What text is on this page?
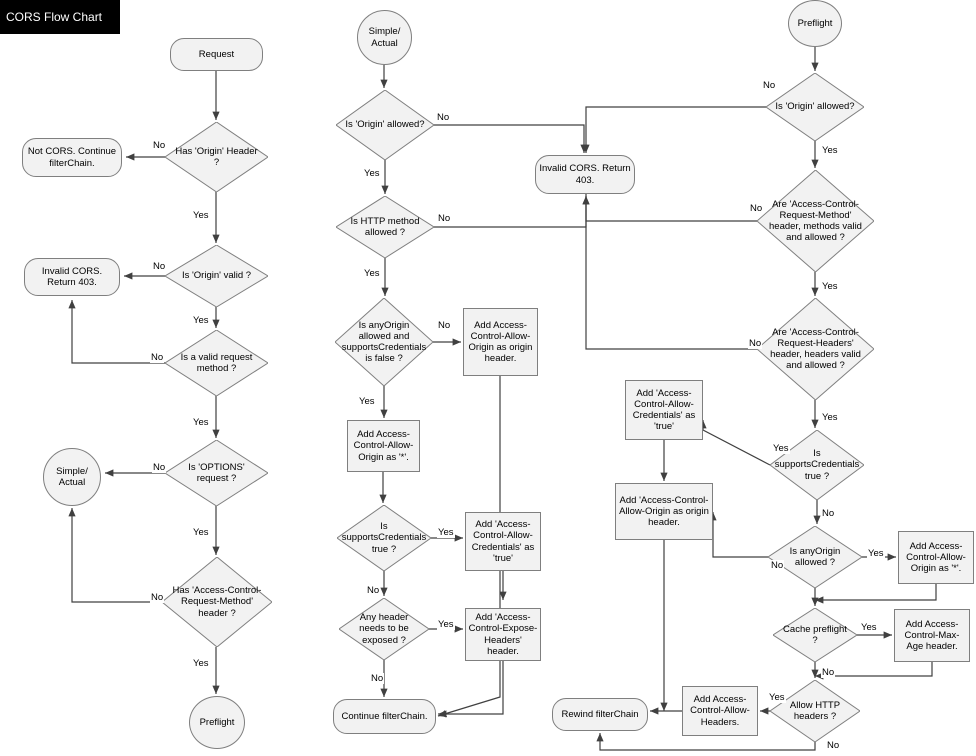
CORS Flow Chart
Request
Has 'Origin' Header ?
Not CORS. Continue filterChain.
Is 'Origin' valid ?
Invalid CORS. Return 403.
Is a valid request method ?
Is 'OPTIONS' request ?
Simple/ Actual
Has 'Access-Control-Request-Method' header ?
Preflight
Simple/ Actual
Is 'Origin' allowed?
Invalid CORS. Return 403.
Is HTTP method allowed ?
Is anyOrigin allowed and supportsCredentials is false ?
Add Access-Control-Allow-Origin as origin header.
Add Access-Control-Allow-Origin as '*'.
Is supportsCredentials true ?
Add 'Access-Control-Allow-Credentials' as 'true'
Any header needs to be exposed ?
Add 'Access-Control-Expose-Headers' header.
Continue filterChain.
Preflight
Is 'Origin' allowed?
Are 'Access-Control-Request-Method' header, methods valid and allowed ?
Are 'Access-Control-Request-Headers' header, headers valid and allowed ?
Is supportsCredentials true ?
Add 'Access-Control-Allow-Credentials' as 'true'
Add 'Access-Control-Allow-Origin as origin header.
Is anyOrigin allowed ?
Add Access-Control-Allow-Origin as '*'.
Cache preflight ?
Add Access-Control-Max-Age header.
Allow HTTP headers ?
Add Access-Control-Allow-Headers.
Rewind filterChain
No
Yes
No
Yes
No
Yes
No
Yes
No
Yes
No
Yes
No
Yes
No
Yes
Yes
No
Yes
No
No
Yes
No
Yes
No
Yes
Yes
No
No
Yes
Yes
No
Yes
No
